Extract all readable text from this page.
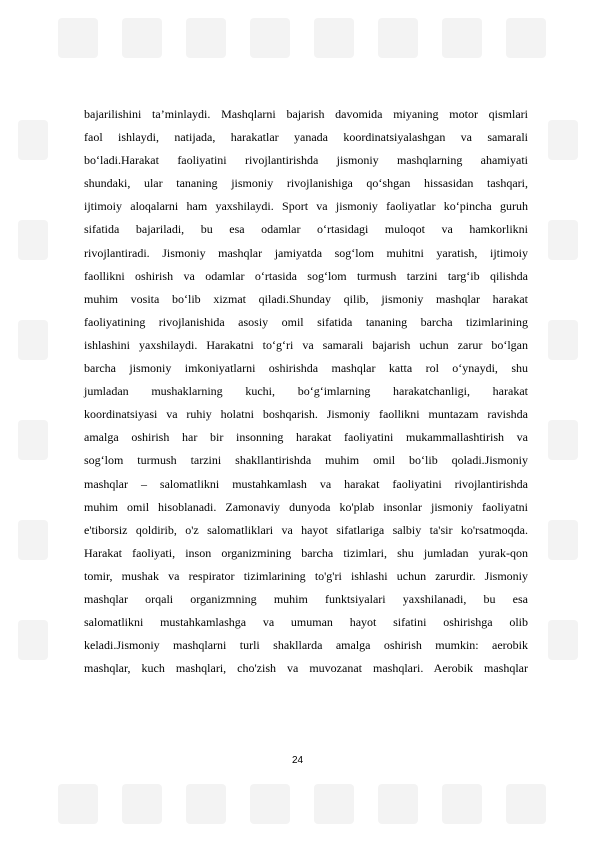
bajarilishini ta’minlaydi. Mashqlarni bajarish davomida miyaning motor qismlari
faol ishlaydi, natijada, harakatlar yanada koordinatsiyalashgan va samarali
bo‘ladi.Harakat faoliyatini rivojlantirishda jismoniy mashqlarning ahamiyati
shundaki, ular tananing jismoniy rivojlanishiga qo‘shgan hissasidan tashqari,
ijtimoiy aloqalarni ham yaxshilaydi. Sport va jismoniy faoliyatlar ko‘pincha guruh
sifatida bajariladi, bu esa odamlar o‘rtasidagi muloqot va hamkorlikni
rivojlantiradi. Jismoniy mashqlar jamiyatda sog‘lom muhitni yaratish, ijtimoiy
faollikni oshirish va odamlar o‘rtasida sog‘lom turmush tarzini targ‘ib qilishda
muhim vosita bo‘lib xizmat qiladi.Shunday qilib, jismoniy mashqlar harakat
faoliyatining rivojlanishida asosiy omil sifatida tananing barcha tizimlarining
ishlashini yaxshilaydi. Harakatni to‘g‘ri va samarali bajarish uchun zarur bo‘lgan
barcha jismoniy imkoniyatlarni oshirishda mashqlar katta rol o‘ynaydi, shu
jumladan mushaklarning kuchi, bo‘g‘imlarning harakatchanligi, harakat
koordinatsiyasi va ruhiy holatni boshqarish. Jismoniy faollikni muntazam ravishda
amalga oshirish har bir insonning harakat faoliyatini mukammallashtirish va
sog‘lom turmush tarzini shakllantirishda muhim omil bo‘lib qoladi.Jismoniy
mashqlar – salomatlikni mustahkamlash va harakat faoliyatini rivojlantirishda
muhim omil hisoblanadi. Zamonaviy dunyoda ko'plab insonlar jismoniy faoliyatni
e'tiborsiz qoldirib, o'z salomatliklari va hayot sifatlariga salbiy ta'sir ko'rsatmoqda.
Harakat faoliyati, inson organizmining barcha tizimlari, shu jumladan yurak-qon
tomir, mushak va respirator tizimlarining to'g'ri ishlashi uchun zarurdir. Jismoniy
mashqlar orqali organizmning muhim funktsiyalari yaxshilanadi, bu esa
salomatlikni mustahkamlashga va umuman hayot sifatini oshirishga olib
keladi.Jismoniy mashqlarni turli shakllarda amalga oshirish mumkin: aerobik
mashqlar, kuch mashqlari, cho'zish va muvozanat mashqlari. Aerobik mashqlar
24
